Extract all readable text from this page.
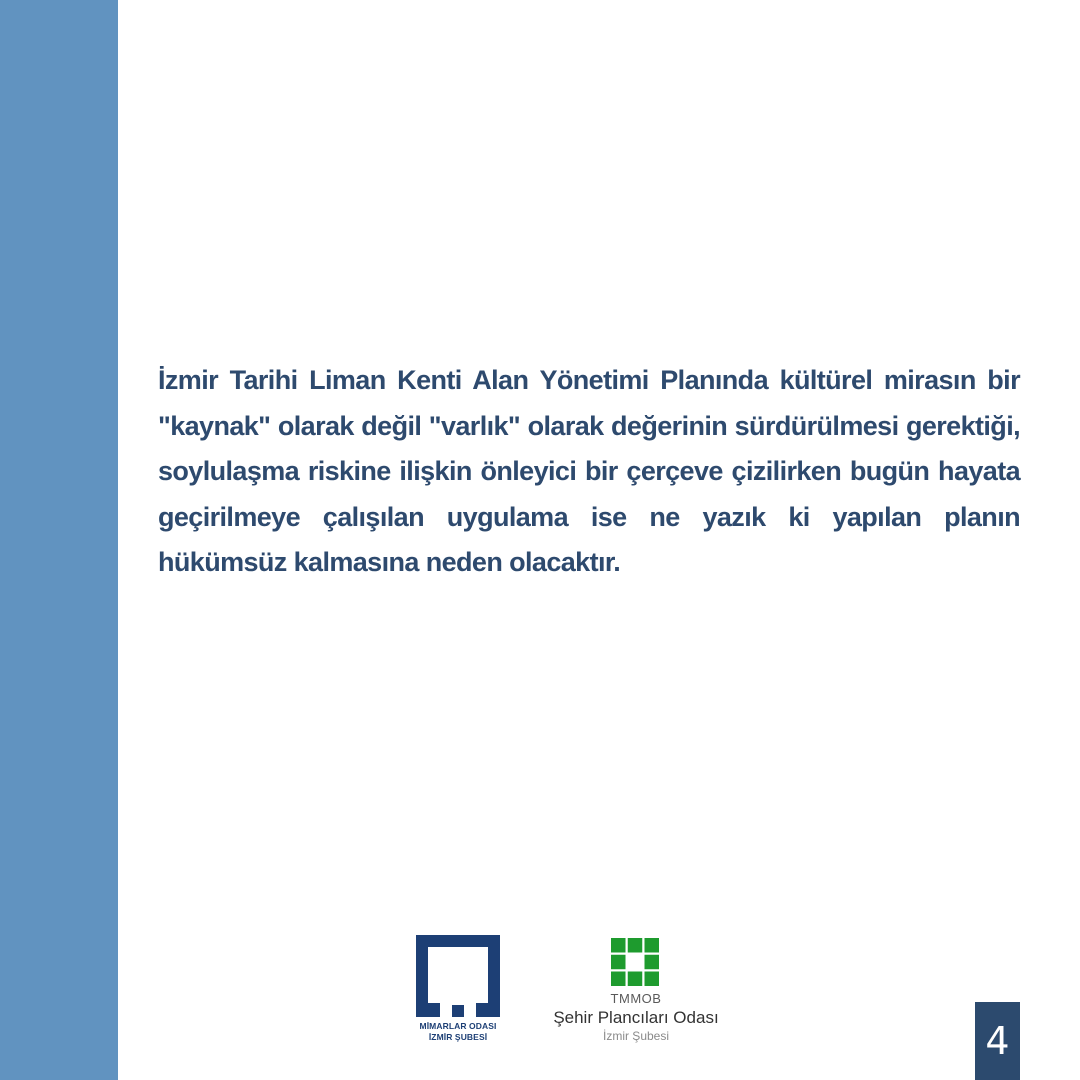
İzmir Tarihi Liman Kenti Alan Yönetimi Planında kültürel mirasın bir "kaynak" olarak değil "varlık" olarak değerinin sürdürülmesi gerektiği, soylulaşma riskine ilişkin önleyici bir çerçeve çizilirken bugün hayata geçirilmeye çalışılan uygulama ise ne yazık ki yapılan planın hükümsüz kalmasına neden olacaktır.

MİMARLAR ODASI
İZMİR ŞUBESİ
TMMOB
Şehir Plancıları Odası
İzmir Şubesi	4
